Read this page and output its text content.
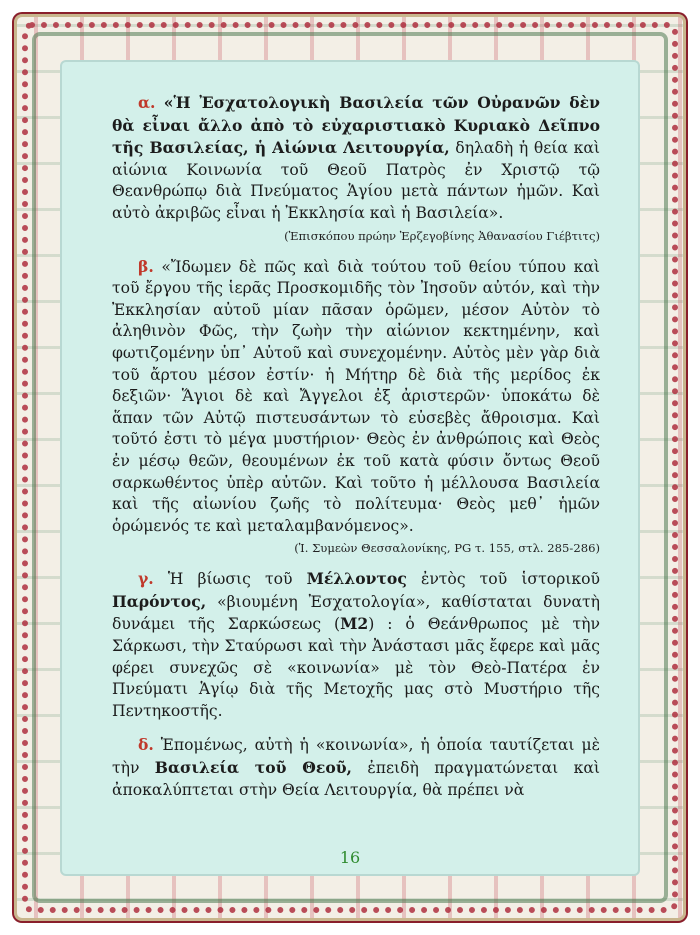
α. «Ἡ Ἐσχατολογικὴ Βασιλεία τῶν Οὐρανῶν δὲν θὰ εἶναι ἄλλο ἀπὸ τὸ εὐχαριστιακὸ Κυριακὸ Δεῖπνο τῆς Βασιλείας, ἡ Αἰώνια Λειτουργία, δηλαδὴ ἡ θεία καὶ αἰώνια Κοινωνία τοῦ Θεοῦ Πατρὸς ἐν Χριστῷ τῷ Θεανθρώπῳ διὰ Πνεύματος Ἁγίου μετὰ πάντων ἡμῶν. Καὶ αὐτὸ ἀκριβῶς εἶναι ἡ Ἐκκλησία καὶ ἡ Βασιλεία».

(Ἐπισκόπου πρώην Ἐρζεγοβίνης Ἀθανασίου Γιέβτιτς)

β. «Ἴδωμεν δὲ πῶς καὶ διὰ τούτου τοῦ θείου τύπου καὶ τοῦ ἔργου τῆς ἱερᾶς Προσκομιδῆς τὸν Ἰησοῦν αὐτόν, καὶ τὴν Ἐκκλησίαν αὐτοῦ μίαν πᾶσαν ὁρῶμεν, μέσον Αὐτὸν τὸ ἀληθινὸν Φῶς, τὴν ζωὴν τὴν αἰώνιον κεκτημένην, καὶ φωτιζομένην ὑπ᾽ Αὐτοῦ καὶ συνεχομένην. Αὐτὸς μὲν γὰρ διὰ τοῦ ἄρτου μέσον ἐστίν· ἡ Μήτηρ δὲ διὰ τῆς μερίδος ἐκ δεξιῶν· Ἅγιοι δὲ καὶ Ἄγγελοι ἐξ ἀριστερῶν· ὑποκάτω δὲ ἅπαν τῶν Αὐτῷ πιστευσάντων τὸ εὐσεβὲς ἄθροισμα. Καὶ τοῦτό ἐστι τὸ μέγα μυστήριον· Θεὸς ἐν ἀνθρώποις καὶ Θεὸς ἐν μέσῳ θεῶν, θεουμένων ἐκ τοῦ κατὰ φύσιν ὄντως Θεοῦ σαρκωθέντος ὑπὲρ αὐτῶν. Καὶ τοῦτο ἡ μέλλουσα Βασιλεία καὶ τῆς αἰωνίου ζωῆς τὸ πολίτευμα· Θεὸς μεθ᾽ ἡμῶν ὁρώμενός τε καὶ μεταλαμβανόμενος».

(Ἱ. Συμεὼν Θεσσαλονίκης, PG τ. 155, στλ. 285-286)

γ. Ἡ βίωσις τοῦ Μέλλοντος ἐντὸς τοῦ ἱστορικοῦ Παρόντος, «βιουμένη Ἐσχατολογία», καθίσταται δυνατὴ δυνάμει τῆς Σαρκώσεως (Μ2) : ὁ Θεάνθρωπος μὲ τὴν Σάρκωσι, τὴν Σταύρωσι καὶ τὴν Ἀνάστασι μᾶς ἔφερε καὶ μᾶς φέρει συνεχῶς σὲ «κοινωνία» μὲ τὸν Θεὸ-Πατέρα ἐν Πνεύματι Ἁγίῳ διὰ τῆς Μετοχῆς μας στὸ Μυστήριο τῆς Πεντηκοστῆς.

δ. Ἑπομένως, αὐτὴ ἡ «κοινωνία», ἡ ὁποία ταυτίζεται μὲ τὴν Βασιλεία τοῦ Θεοῦ, ἐπειδὴ πραγματώνεται καὶ ἀποκαλύπτεται στὴν Θεία Λειτουργία, θὰ πρέπει νὰ

16
